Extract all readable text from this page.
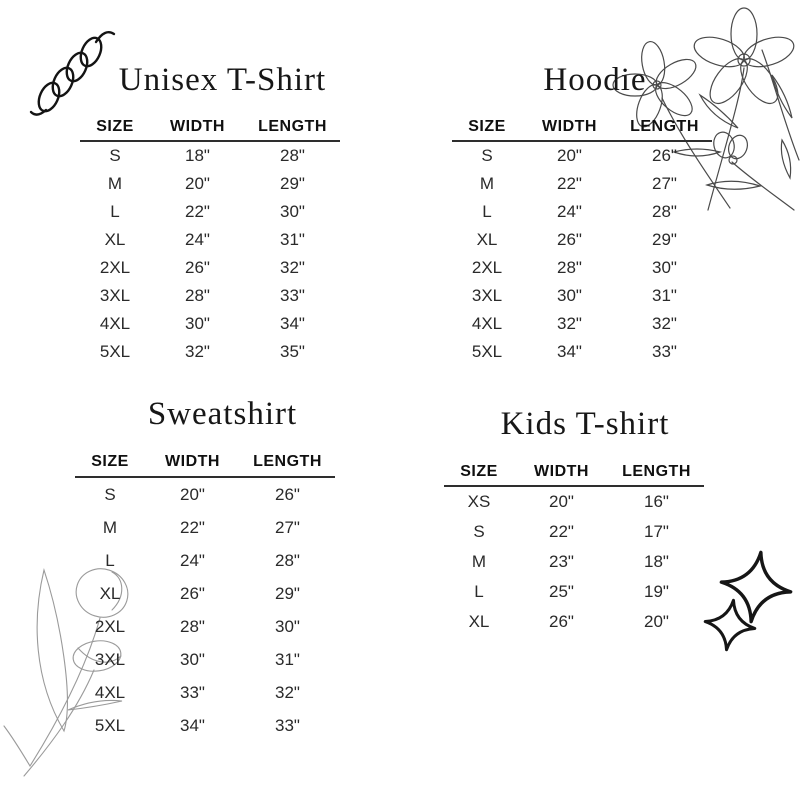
Unisex T-Shirt	Hoodie
Sweatshirt	Kids T-shirt
SIZE	WIDTH	LENGTH
S	18"	28"
M	20"	29"
L	22"	30"
XL	24"	31"
2XL	26"	32"
3XL	28"	33"
4XL	30"	34"
5XL	32"	35"
SIZE	WIDTH	LENGTH
S	20"	26"
M	22"	27"
L	24"	28"
XL	26"	29"
2XL	28"	30"
3XL	30"	31"
4XL	32"	32"
5XL	34"	33"
SIZE	WIDTH	LENGTH
S	20"	26"
M	22"	27"
L	24"	28"
XL	26"	29"
2XL	28"	30"
3XL	30"	31"
4XL	33"	32"
5XL	34"	33"
SIZE	WIDTH	LENGTH
XS	20"	16"
S	22"	17"
M	23"	18"
L	25"	19"
XL	26"	20"
